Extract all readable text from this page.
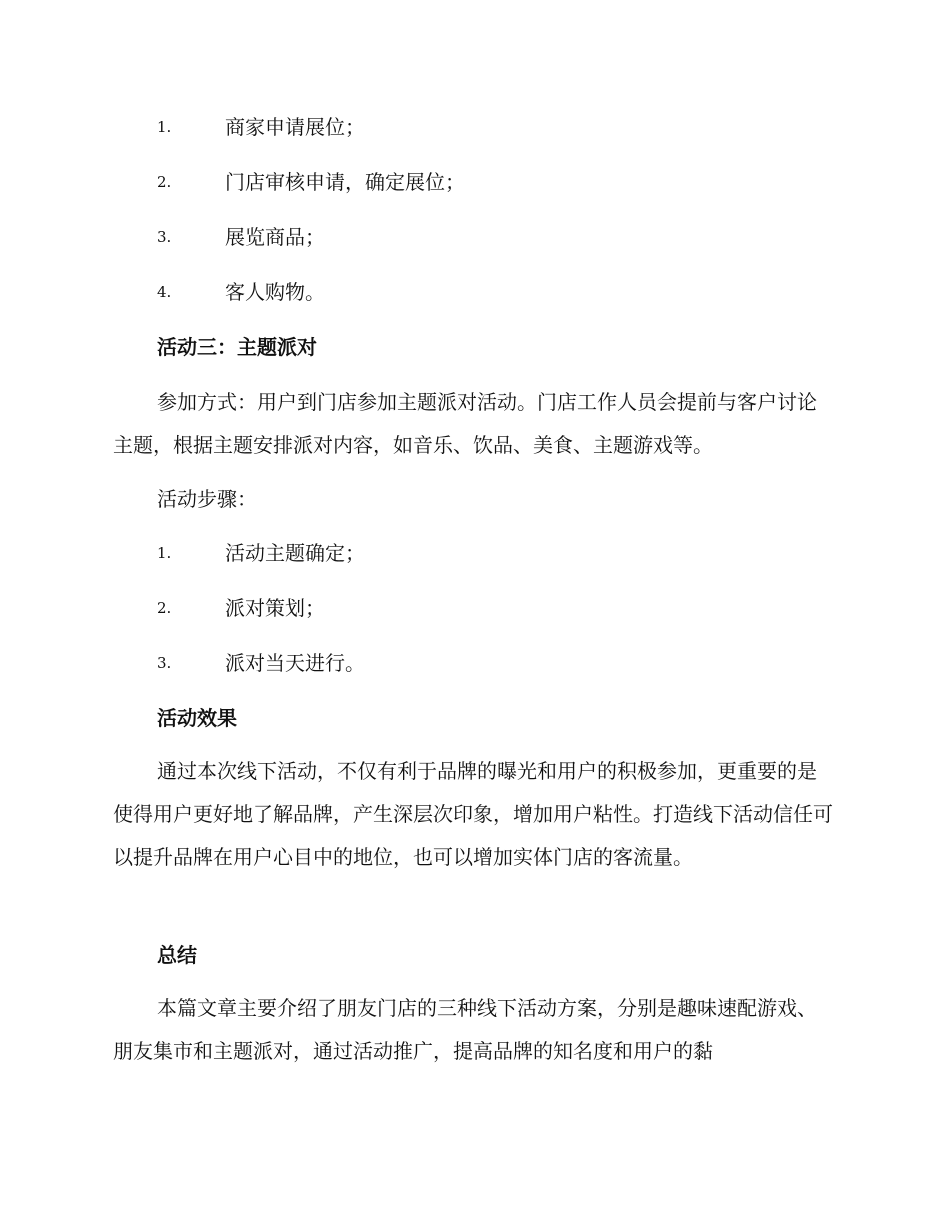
1.	商家申请展位；
2.	门店审核申请，确定展位；
3.	展览商品；
4.	客人购物。
活动三：主题派对

参加方式：用户到门店参加主题派对活动。门店工作人员会提前与客户讨论主题，根据主题安排派对内容，如音乐、饮品、美食、主题游戏等。

活动步骤：
1.	活动主题确定；
2.	派对策划；
3.	派对当天进行。
活动效果

通过本次线下活动，不仅有利于品牌的曝光和用户的积极参加，更重要的是使得用户更好地了解品牌，产生深层次印象，增加用户粘性。打造线下活动信任可以提升品牌在用户心目中的地位，也可以增加实体门店的客流量。

总结

本篇文章主要介绍了朋友门店的三种线下活动方案，分别是趣味速配游戏、朋友集市和主题派对，通过活动推广，提高品牌的知名度和用户的黏
